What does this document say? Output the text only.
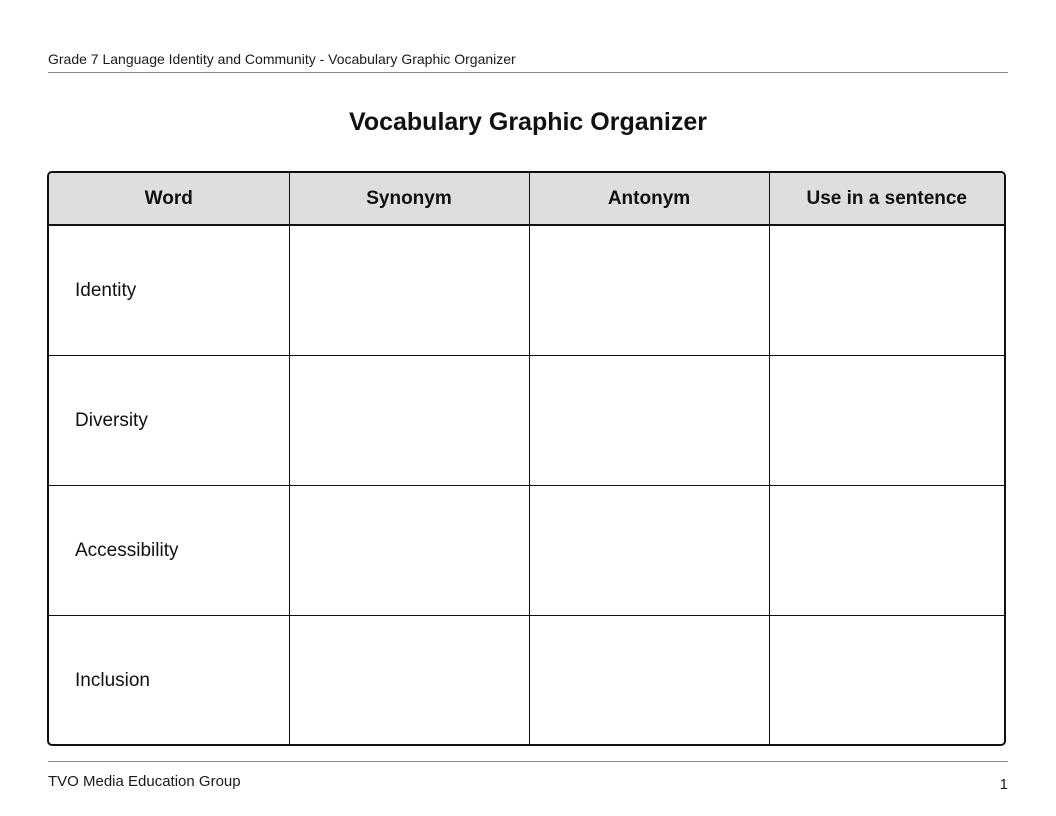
Grade 7 Language Identity and Community - Vocabulary Graphic Organizer
Vocabulary Graphic Organizer
Word	Synonym	Antonym	Use in a sentence
Identity			
Diversity			
Accessibility			
Inclusion			
TVO Media Education Group	1
